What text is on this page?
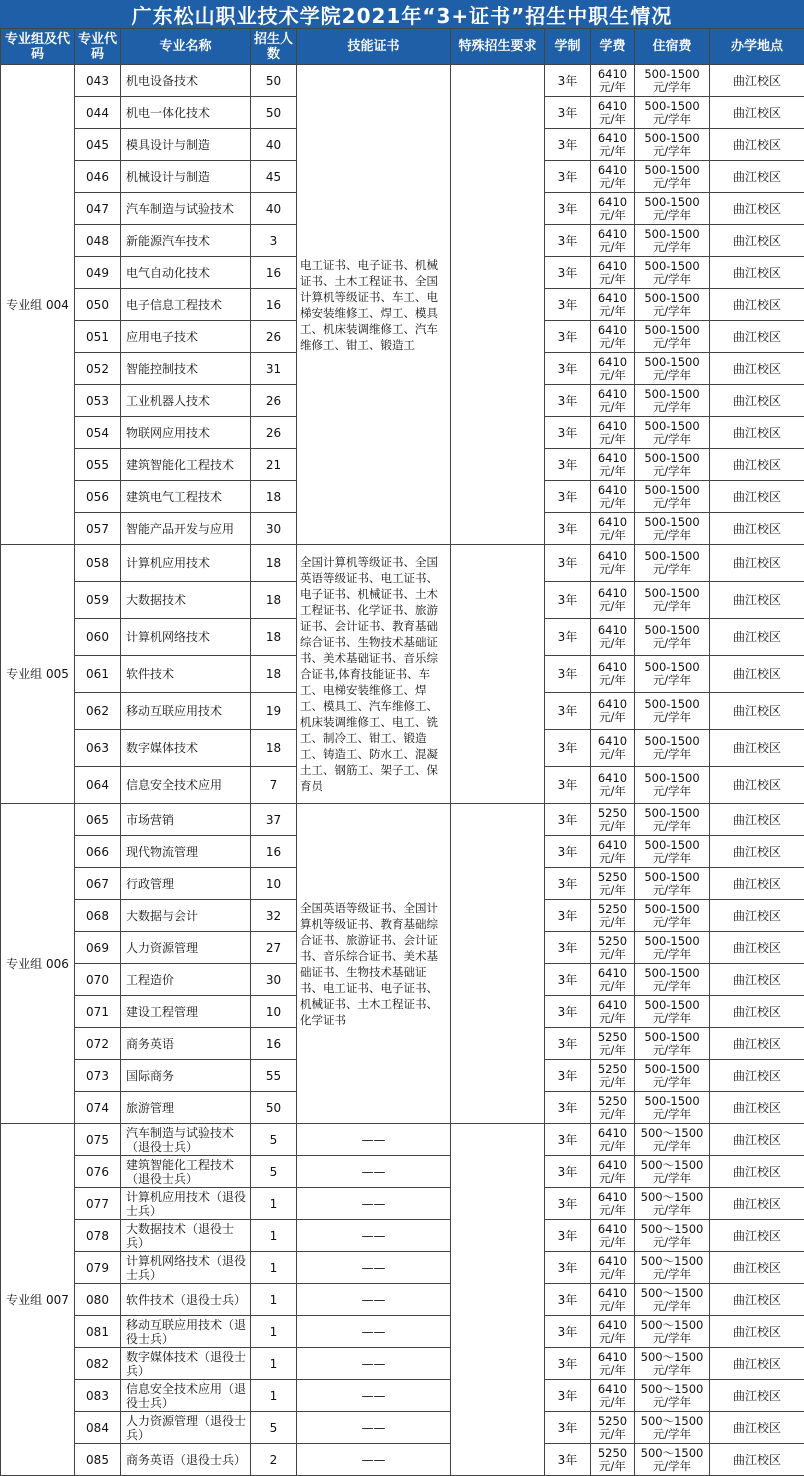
广东松山职业技术学院2021年“3+证书”招生中职生情况
专业组及代码	专业代码	专业名称	招生人数	技能证书	特殊招生要求	学制	学费	住宿费	办学地点
专业组 004	043	机电设备技术	50	电工证书、电子证书、机械证书、土木工程证书、全国计算机等级证书、车工、电梯安装维修工、焊工、模具工、机床装调维修工、汽车维修工、钳工、锻造工		3年	6410元/年	500-1500元/学年	曲江校区
	044	机电一体化技术	50			3年	6410元/年	500-1500元/学年	曲江校区
	045	模具设计与制造	40			3年	6410元/年	500-1500元/学年	曲江校区
	046	机械设计与制造	45			3年	6410元/年	500-1500元/学年	曲江校区
	047	汽车制造与试验技术	40			3年	6410元/年	500-1500元/学年	曲江校区
	048	新能源汽车技术	3			3年	6410元/年	500-1500元/学年	曲江校区
	049	电气自动化技术	16			3年	6410元/年	500-1500元/学年	曲江校区
	050	电子信息工程技术	16			3年	6410元/年	500-1500元/学年	曲江校区
	051	应用电子技术	26			3年	6410元/年	500-1500元/学年	曲江校区
	052	智能控制技术	31			3年	6410元/年	500-1500元/学年	曲江校区
	053	工业机器人技术	26			3年	6410元/年	500-1500元/学年	曲江校区
	054	物联网应用技术	26			3年	6410元/年	500-1500元/学年	曲江校区
	055	建筑智能化工程技术	21			3年	6410元/年	500-1500元/学年	曲江校区
	056	建筑电气工程技术	18			3年	6410元/年	500-1500元/学年	曲江校区
	057	智能产品开发与应用	30			3年	6410元/年	500-1500元/学年	曲江校区
专业组 005	058	计算机应用技术	18	全国计算机等级证书、全国英语等级证书、电工证书、电子证书、机械证书、土木工程证书、化学证书、旅游证书、会计证书、教育基础综合证书、生物技术基础证书、美术基础证书、音乐综合证书,体育技能证书、车工、电梯安装维修工、焊工、模具工、汽车维修工、机床装调维修工、电工、铣工、制冷工、钳工、锻造工、铸造工、防水工、混凝土工、钢筋工、架子工、保育员		3年	6410元/年	500-1500元/学年	曲江校区
	059	大数据技术	18			3年	6410元/年	500-1500元/学年	曲江校区
	060	计算机网络技术	18			3年	6410元/年	500-1500元/学年	曲江校区
	061	软件技术	18			3年	6410元/年	500-1500元/学年	曲江校区
	062	移动互联应用技术	19			3年	6410元/年	500-1500元/学年	曲江校区
	063	数字媒体技术	18			3年	6410元/年	500-1500元/学年	曲江校区
	064	信息安全技术应用	7			3年	6410元/年	500-1500元/学年	曲江校区
专业组 006	065	市场营销	37	全国英语等级证书、全国计算机等级证书、教育基础综合证书、旅游证书、会计证书、音乐综合证书、美术基础证书、生物技术基础证书、电工证书、电子证书、机械证书、土木工程证书、化学证书		3年	5250元/年	500-1500元/学年	曲江校区
	066	现代物流管理	16			3年	6410元/年	500-1500元/学年	曲江校区
	067	行政管理	10			3年	5250元/年	500-1500元/学年	曲江校区
	068	大数据与会计	32			3年	5250元/年	500-1500元/学年	曲江校区
	069	人力资源管理	27			3年	5250元/年	500-1500元/学年	曲江校区
	070	工程造价	30			3年	6410元/年	500-1500元/学年	曲江校区
	071	建设工程管理	10			3年	6410元/年	500-1500元/学年	曲江校区
	072	商务英语	16			3年	5250元/年	500-1500元/学年	曲江校区
	073	国际商务	55			3年	5250元/年	500-1500元/学年	曲江校区
	074	旅游管理	50			3年	5250元/年	500-1500元/学年	曲江校区
专业组 007	075	汽车制造与试验技术（退役士兵）	5	——		3年	6410元/年	500～1500元/学年	曲江校区
	076	建筑智能化工程技术（退役士兵）	5	——		3年	6410元/年	500～1500元/学年	曲江校区
	077	计算机应用技术（退役士兵）	1	——		3年	6410元/年	500～1500元/学年	曲江校区
	078	大数据技术（退役士兵）	1	——		3年	6410元/年	500～1500元/学年	曲江校区
	079	计算机网络技术（退役士兵）	1	——		3年	6410元/年	500～1500元/学年	曲江校区
	080	软件技术（退役士兵）	1	——		3年	6410元/年	500～1500元/学年	曲江校区
	081	移动互联应用技术（退役士兵）	1	——		3年	6410元/年	500～1500元/学年	曲江校区
	082	数字媒体技术（退役士兵）	1	——		3年	6410元/年	500～1500元/学年	曲江校区
	083	信息安全技术应用（退役士兵）	1	——		3年	6410元/年	500～1500元/学年	曲江校区
	084	人力资源管理（退役士兵）	5	——		3年	5250元/年	500～1500元/学年	曲江校区
	085	商务英语（退役士兵）	2	——		3年	5250元/年	500～1500元/学年	曲江校区
